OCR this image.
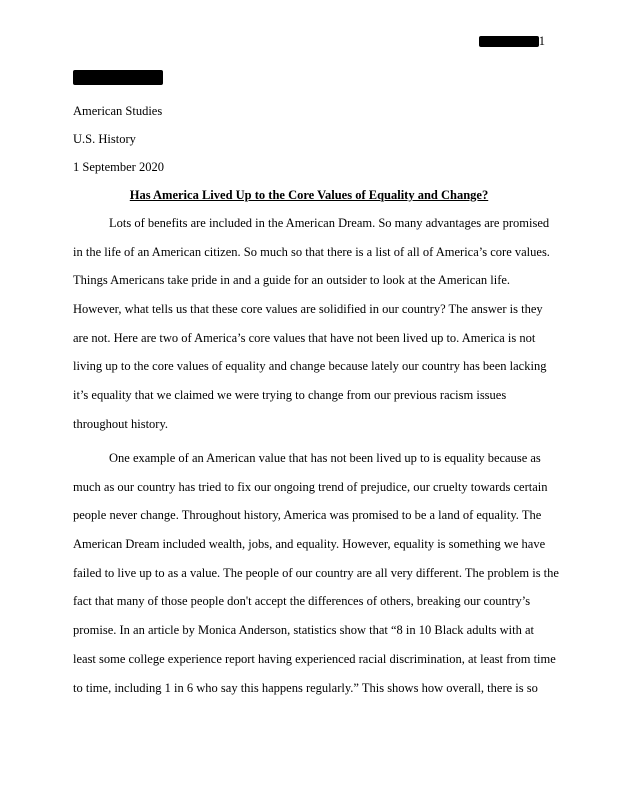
1
American Studies
U.S. History
1 September 2020
Has America Lived Up to the Core Values of Equality and Change?
Lots of benefits are included in the American Dream. So many advantages are promised
in the life of an American citizen. So much so that there is a list of all of America’s core values.
Things Americans take pride in and a guide for an outsider to look at the American life.
However, what tells us that these core values are solidified in our country? The answer is they
are not. Here are two of America’s core values that have not been lived up to. America is not
living up to the core values of equality and change because lately our country has been lacking
it’s equality that we claimed we were trying to change from our previous racism issues
throughout history.
One example of an American value that has not been lived up to is equality because as
much as our country has tried to fix our ongoing trend of prejudice, our cruelty towards certain
people never change. Throughout history, America was promised to be a land of equality. The
American Dream included wealth, jobs, and equality. However, equality is something we have
failed to live up to as a value. The people of our country are all very different. The problem is the
fact that many of those people don't accept the differences of others, breaking our country’s
promise. In an article by Monica Anderson, statistics show that “8 in 10 Black adults with at
least some college experience report having experienced racial discrimination, at least from time
to time, including 1 in 6 who say this happens regularly.” This shows how overall, there is so
